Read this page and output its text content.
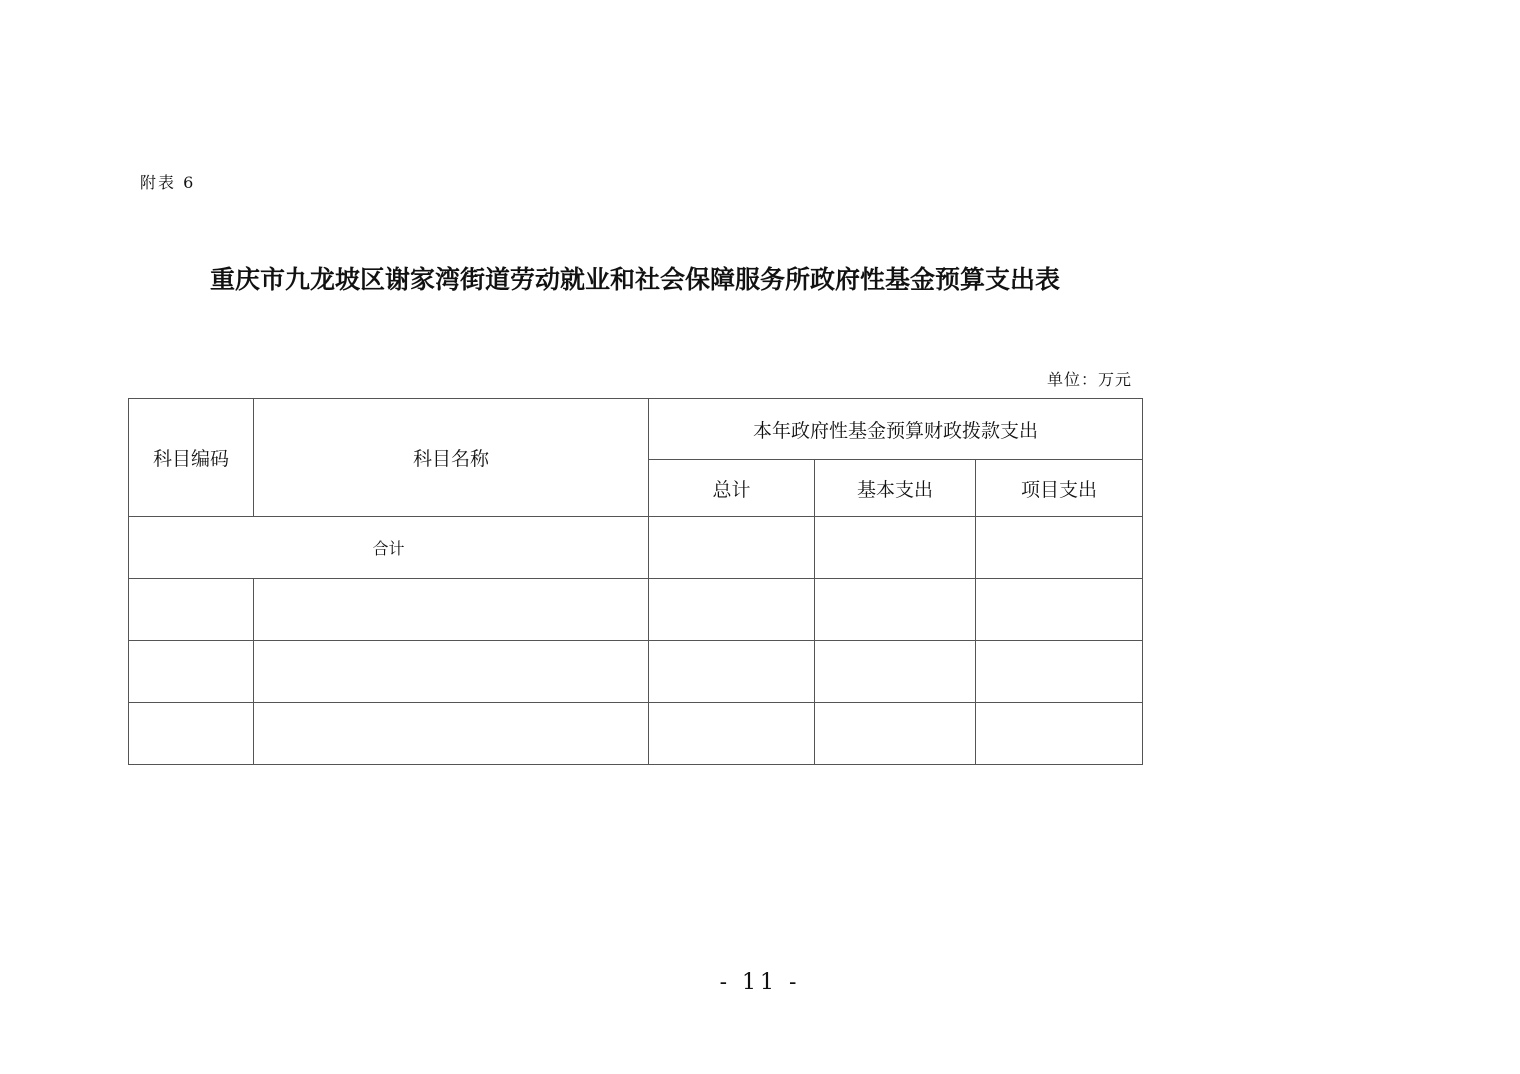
附表 6
重庆市九龙坡区谢家湾街道劳动就业和社会保障服务所政府性基金预算支出表
单位：万元
科目编码	科目名称	本年政府性基金预算财政拨款支出		
		总计	基本支出	项目支出
合计				

- 11 -
